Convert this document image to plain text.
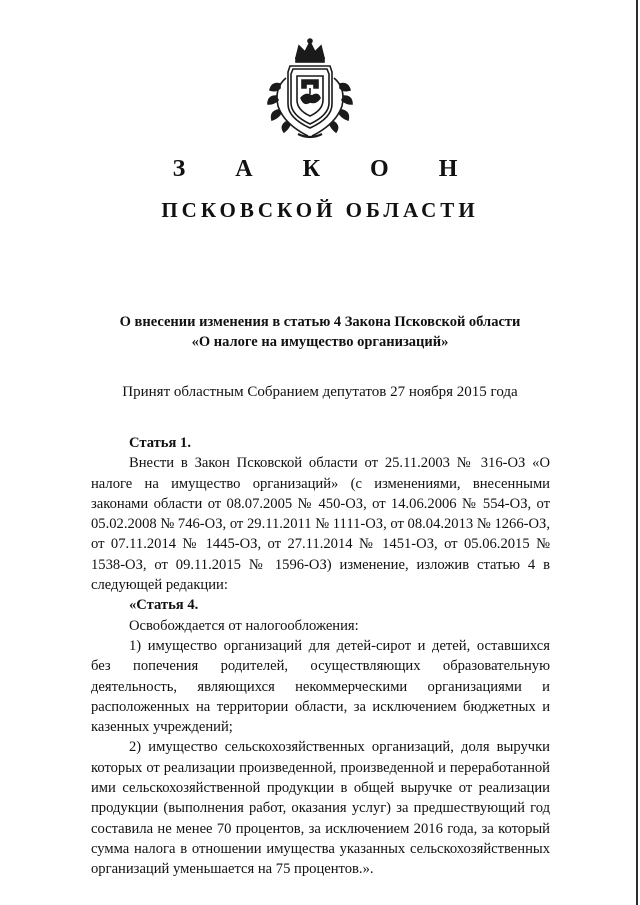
З А К О Н
ПСКОВСКОЙ ОБЛАСТИ
О внесении изменения в статью 4 Закона Псковской области
«О налоге на имущество организаций»

Принят областным Собранием депутатов 27 ноября 2015 года

Статья 1.

Внести в Закон Псковской области от 25.11.2003 № 316-ОЗ «О налоге на имущество организаций» (с изменениями, внесенными законами области от 08.07.2005 № 450-ОЗ, от 14.06.2006 № 554-ОЗ, от 05.02.2008 № 746-ОЗ, от 29.11.2011 № 1111-ОЗ, от 08.04.2013 № 1266-ОЗ, от 07.11.2014 № 1445-ОЗ, от 27.11.2014 № 1451-ОЗ, от 05.06.2015 № 1538-ОЗ, от 09.11.2015 № 1596-ОЗ) изменение, изложив статью 4 в следующей редакции:

«Статья 4.

Освобождается от налогообложения:

1) имущество организаций для детей-сирот и детей, оставшихся без попечения родителей, осуществляющих образовательную деятельность, являющихся некоммерческими организациями и расположенных на территории области, за исключением бюджетных и казенных учреждений;

2) имущество сельскохозяйственных организаций, доля выручки которых от реализации произведенной, произведенной и переработанной ими сельскохозяйственной продукции в общей выручке от реализации продукции (выполнения работ, оказания услуг) за предшествующий год составила не менее 70 процентов, за исключением 2016 года, за который сумма налога в отношении имущества указанных сельскохозяйственных организаций уменьшается на 75 процентов.».
